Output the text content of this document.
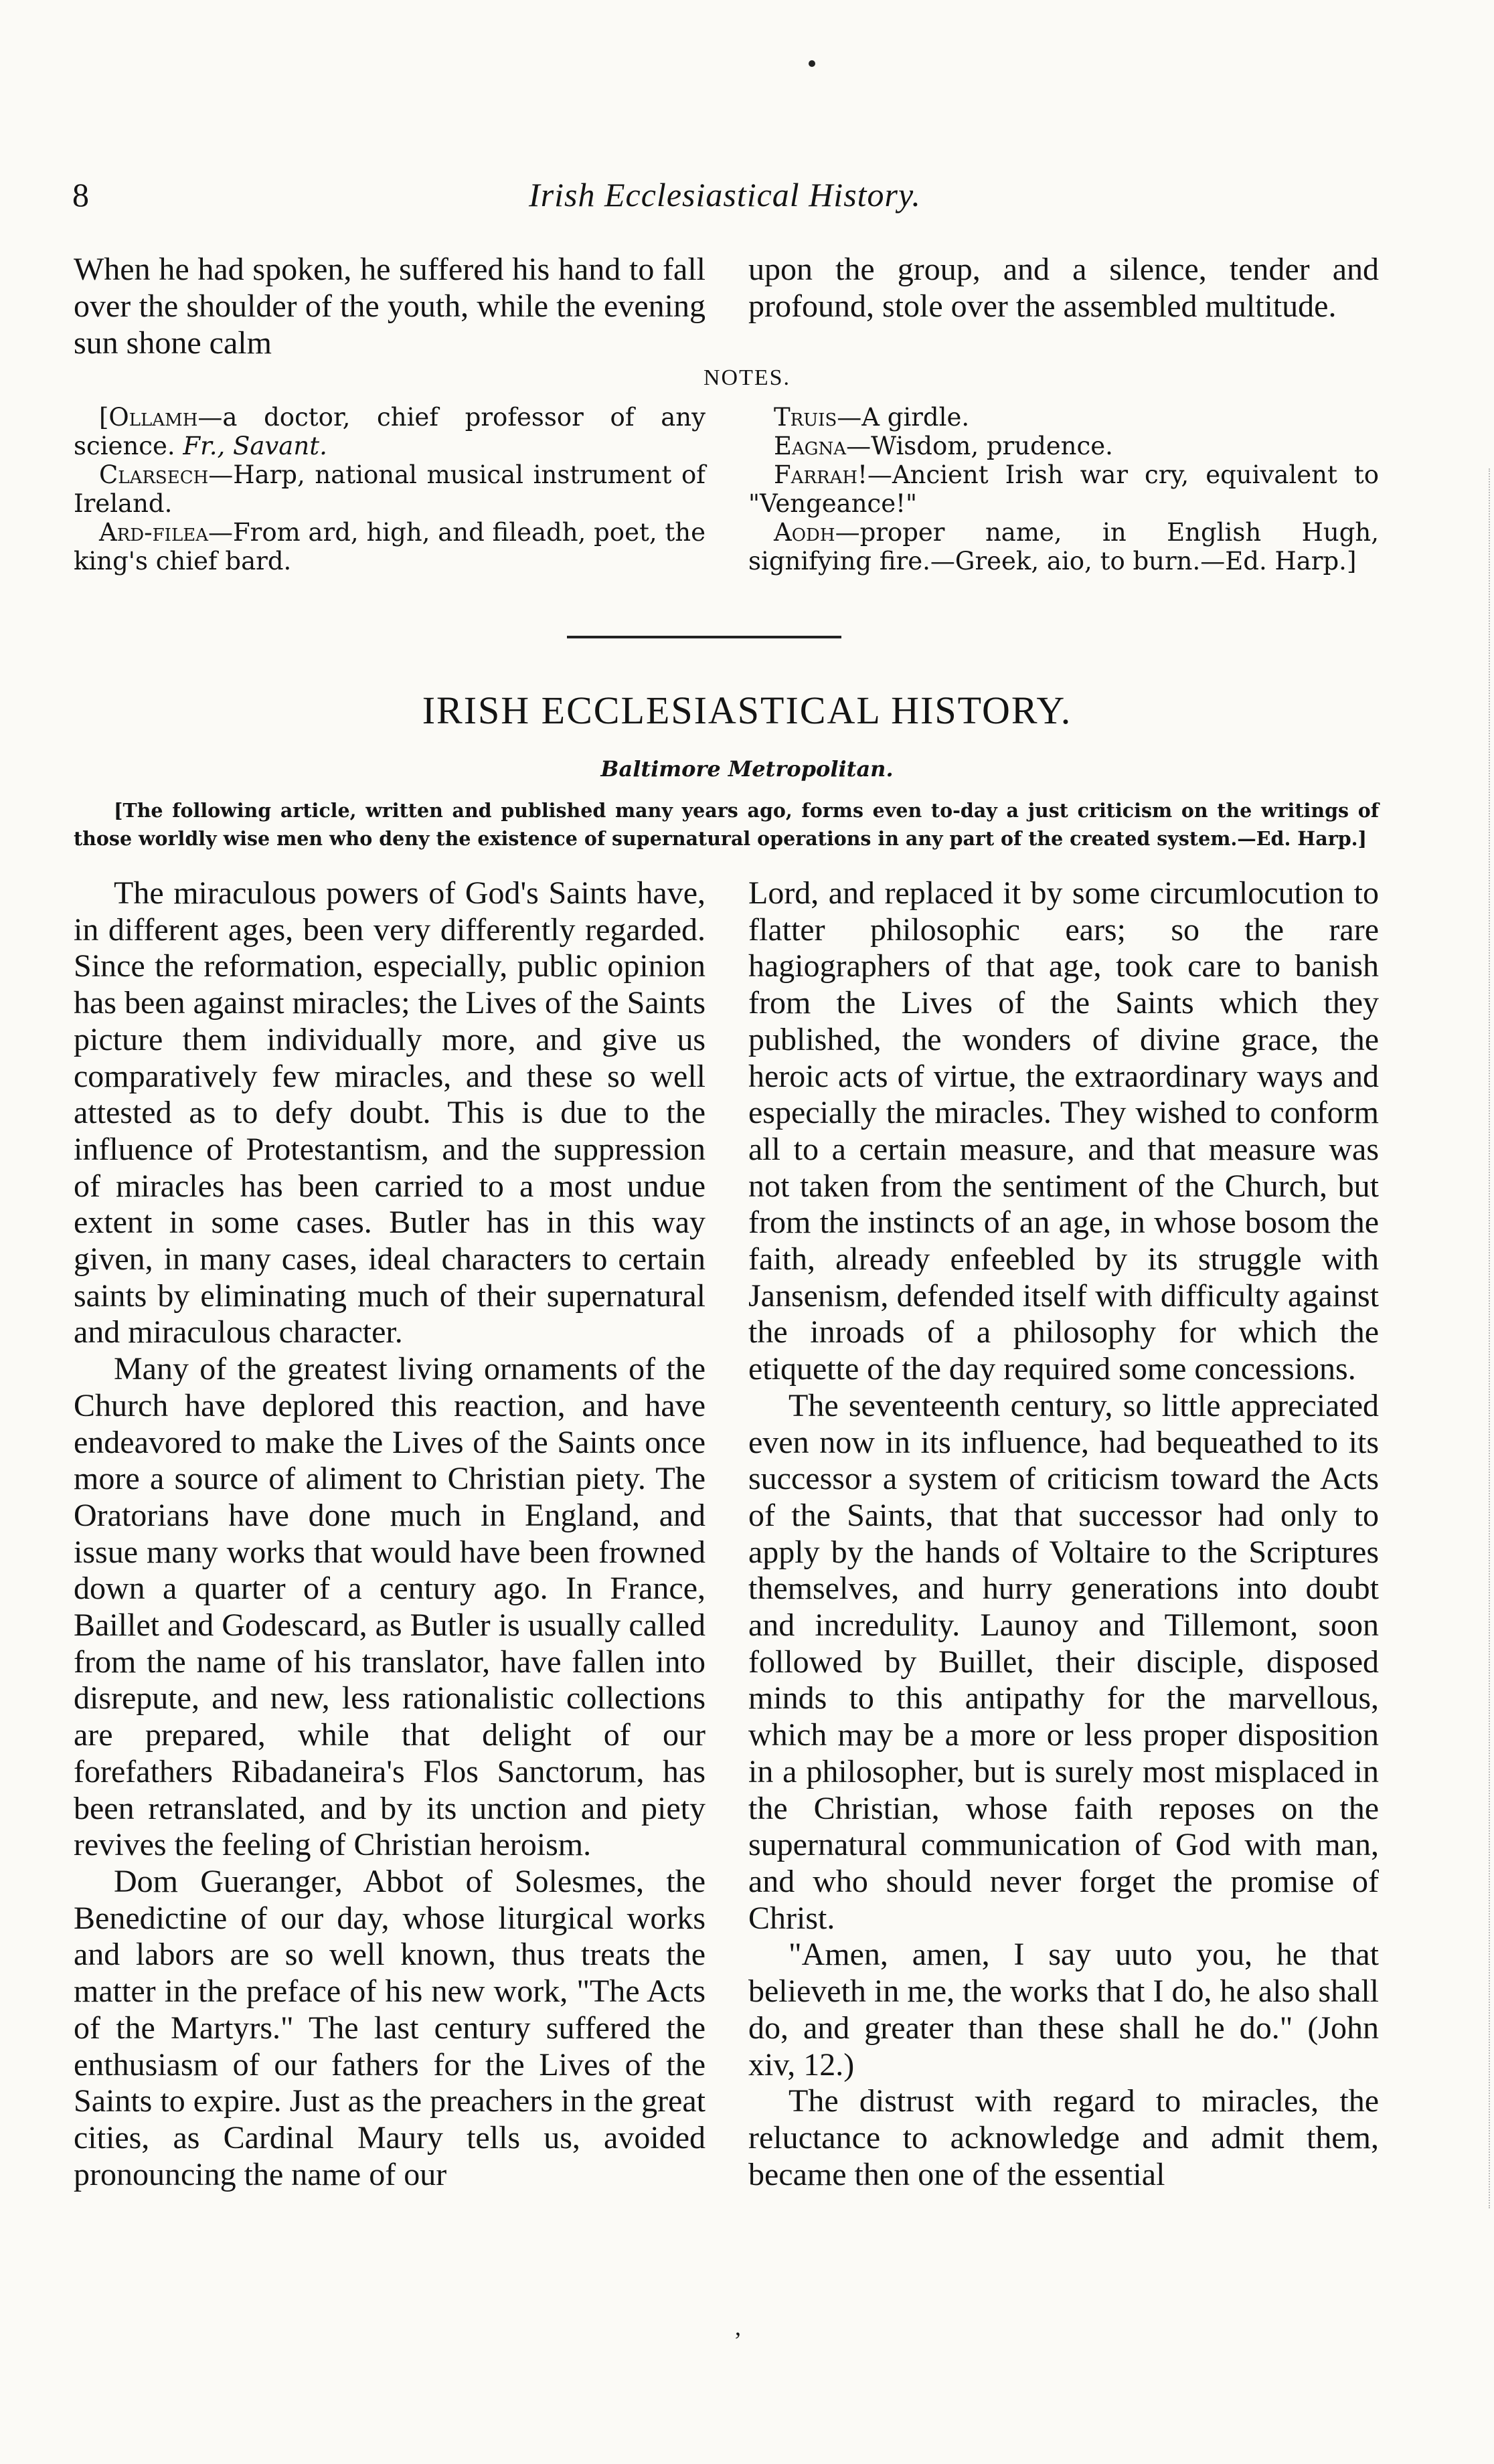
8	Irish Ecclesiastical History.
When he had spoken, he suffered his hand to fall over the shoulder of the youth, while the evening sun shone calm
upon the group, and a silence, tender and profound, stole over the assembled multitude.
NOTES.

[Ollamh—a doctor, chief professor of any science. Fr., Savant.

Clarsech—Harp, national musical instrument of Ireland.

Ard-filea—From ard, high, and fileadh, poet, the king's chief bard.

Truis—A girdle.

Eagna—Wisdom, prudence.

Farrah!—Ancient Irish war cry, equivalent to "Vengeance!"

Aodh—proper name, in English Hugh, signifying fire.—Greek, aio, to burn.—Ed. Harp.]

IRISH ECCLESIASTICAL HISTORY.
Baltimore Metropolitan.
[The following article, written and published many years ago, forms even to-day a just criticism on the writings of those worldly wise men who deny the existence of supernatural operations in any part of the created system.—Ed. Harp.]

The miraculous powers of God's Saints have, in different ages, been very differently regarded. Since the reformation, especially, public opinion has been against miracles; the Lives of the Saints picture them individually more, and give us comparatively few miracles, and these so well attested as to defy doubt. This is due to the influence of Protestantism, and the suppression of miracles has been carried to a most undue extent in some cases. Butler has in this way given, in many cases, ideal characters to certain saints by eliminating much of their supernatural and miraculous character.

Many of the greatest living ornaments of the Church have deplored this reaction, and have endeavored to make the Lives of the Saints once more a source of aliment to Christian piety. The Oratorians have done much in England, and issue many works that would have been frowned down a quarter of a century ago. In France, Baillet and Godescard, as Butler is usually called from the name of his translator, have fallen into disrepute, and new, less rationalistic collections are prepared, while that delight of our forefathers Ribadaneira's Flos Sanctorum, has been retranslated, and by its unction and piety revives the feeling of Christian heroism.

Dom Gueranger, Abbot of Solesmes, the Benedictine of our day, whose liturgical works and labors are so well known, thus treats the matter in the preface of his new work, "The Acts of the Martyrs." The last century suffered the enthusiasm of our fathers for the Lives of the Saints to expire. Just as the preachers in the great cities, as Cardinal Maury tells us, avoided pronouncing the name of our

Lord, and replaced it by some circumlocution to flatter philosophic ears; so the rare hagiographers of that age, took care to banish from the Lives of the Saints which they published, the wonders of divine grace, the heroic acts of virtue, the extraordinary ways and especially the miracles. They wished to conform all to a certain measure, and that measure was not taken from the sentiment of the Church, but from the instincts of an age, in whose bosom the faith, already enfeebled by its struggle with Jansenism, defended itself with difficulty against the inroads of a philosophy for which the etiquette of the day required some concessions.

The seventeenth century, so little appreciated even now in its influence, had bequeathed to its successor a system of criticism toward the Acts of the Saints, that that successor had only to apply by the hands of Voltaire to the Scriptures themselves, and hurry generations into doubt and incredulity. Launoy and Tillemont, soon followed by Buillet, their disciple, disposed minds to this antipathy for the marvellous, which may be a more or less proper disposition in a philosopher, but is surely most misplaced in the Christian, whose faith reposes on the supernatural communication of God with man, and who should never forget the promise of Christ.

"Amen, amen, I say uuto you, he that believeth in me, the works that I do, he also shall do, and greater than these shall he do." (John xiv, 12.)

The distrust with regard to miracles, the reluctance to acknowledge and admit them, became then one of the essential

,
